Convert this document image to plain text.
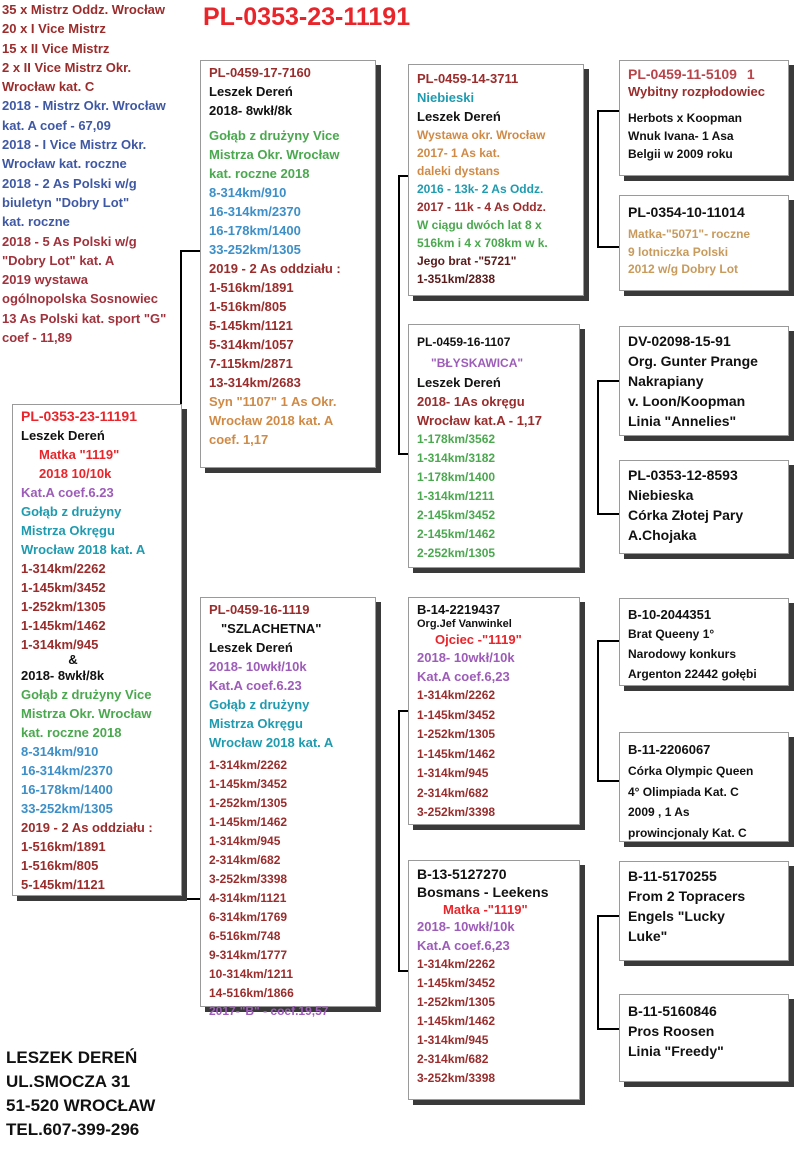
PL-0353-23-11191
35 x Mistrz Oddz. Wrocław
20 x I Vice Mistrz
15 x II Vice Mistrz
2 x II Vice Mistrz Okr.
Wrocław kat. C
2018 - Mistrz Okr. Wrocław
kat. A coef - 67,09
2018 - I Vice Mistrz Okr.
Wrocław kat. roczne
2018 - 2 As Polski w/g
biuletyn "Dobry Lot"
kat. roczne
2018 - 5 As Polski w/g
"Dobry Lot" kat. A
2019 wystawa
ogólnopolska Sosnowiec
13 As Polski kat. sport "G"
coef - 11,89
PL-0353-23-11191
Leszek Dereń
Matka "1119"
2018 10/10k
Kat.A coef.6.23
Gołąb z drużyny
Mistrza Okręgu
Wrocław 2018 kat. A
1-314km/2262
1-145km/3452
1-252km/1305
1-145km/1462
1-314km/945
&
2018- 8wkł/8k
Gołąb z drużyny Vice
Mistrza Okr. Wrocław
kat. roczne 2018
8-314km/910
16-314km/2370
16-178km/1400
33-252km/1305
2019 - 2 As oddziału :
1-516km/1891
1-516km/805
5-145km/1121
LESZEK DEREŃ
UL.SMOCZA 31
51-520 WROCŁAW
TEL.607-399-296
PL-0459-17-7160
Leszek Dereń
2018- 8wkł/8k
Gołąb z drużyny Vice
Mistrza Okr. Wrocław
kat. roczne 2018
8-314km/910
16-314km/2370
16-178km/1400
33-252km/1305
2019 - 2 As oddziału :
1-516km/1891
1-516km/805
5-145km/1121
5-314km/1057
7-115km/2871
13-314km/2683
Syn "1107" 1 As Okr.
Wrocław 2018 kat. A
coef. 1,17
PL-0459-16-1119
"SZLACHETNA"
Leszek Dereń
2018- 10wkł/10k
Kat.A coef.6.23
Gołąb z drużyny
Mistrza Okręgu
Wrocław 2018 kat. A
1-314km/2262
1-145km/3452
1-252km/1305
1-145km/1462
1-314km/945
2-314km/682
3-252km/3398
4-314km/1121
6-314km/1769
6-516km/748
9-314km/1777
10-314km/1211
14-516km/1866
2017-"B" - coef.19,57
PL-0459-14-3711
Niebieski
Leszek Dereń
Wystawa okr. Wrocław
2017- 1 As kat.
daleki dystans
2016 - 13k- 2 As Oddz.
2017 - 11k - 4 As Oddz.
W ciągu dwóch lat 8 x
516km i 4 x 708km w k.
Jego brat -"5721"
1-351km/2838
PL-0459-16-1107
"BŁYSKAWICA"
Leszek Dereń
2018- 1As okręgu
Wrocław kat.A - 1,17
1-178km/3562
1-314km/3182
1-178km/1400
1-314km/1211
2-145km/3452
2-145km/1462
2-252km/1305
B-14-2219437
Org.Jef Vanwinkel
Ojciec -"1119"
2018- 10wkł/10k
Kat.A coef.6,23
1-314km/2262
1-145km/3452
1-252km/1305
1-145km/1462
1-314km/945
2-314km/682
3-252km/3398
B-13-5127270
Bosmans - Leekens
Matka -"1119"
2018- 10wkł/10k
Kat.A coef.6,23
1-314km/2262
1-145km/3452
1-252km/1305
1-145km/1462
1-314km/945
2-314km/682
3-252km/3398
PL-0459-11-5109 1
Wybitny rozpłodowiec
Herbots x Koopman
Wnuk Ivana- 1 Asa
Belgii w 2009 roku
PL-0354-10-11014
Matka-"5071"- roczne
9 lotniczka Polski
2012 w/g Dobry Lot
DV-02098-15-91
Org. Gunter Prange
Nakrapiany
v. Loon/Koopman
Linia "Annelies"
PL-0353-12-8593
Niebieska
Córka Złotej Pary
A.Chojaka
B-10-2044351
Brat Queeny 1°
Narodowy konkurs
Argenton 22442 gołębi
B-11-2206067
Córka Olympic Queen
4° Olimpiada Kat. C
2009 , 1 As
prowincjonaly Kat. C
B-11-5170255
From 2 Topracers
Engels "Lucky
Luke"
B-11-5160846
Pros Roosen
Linia "Freedy"
